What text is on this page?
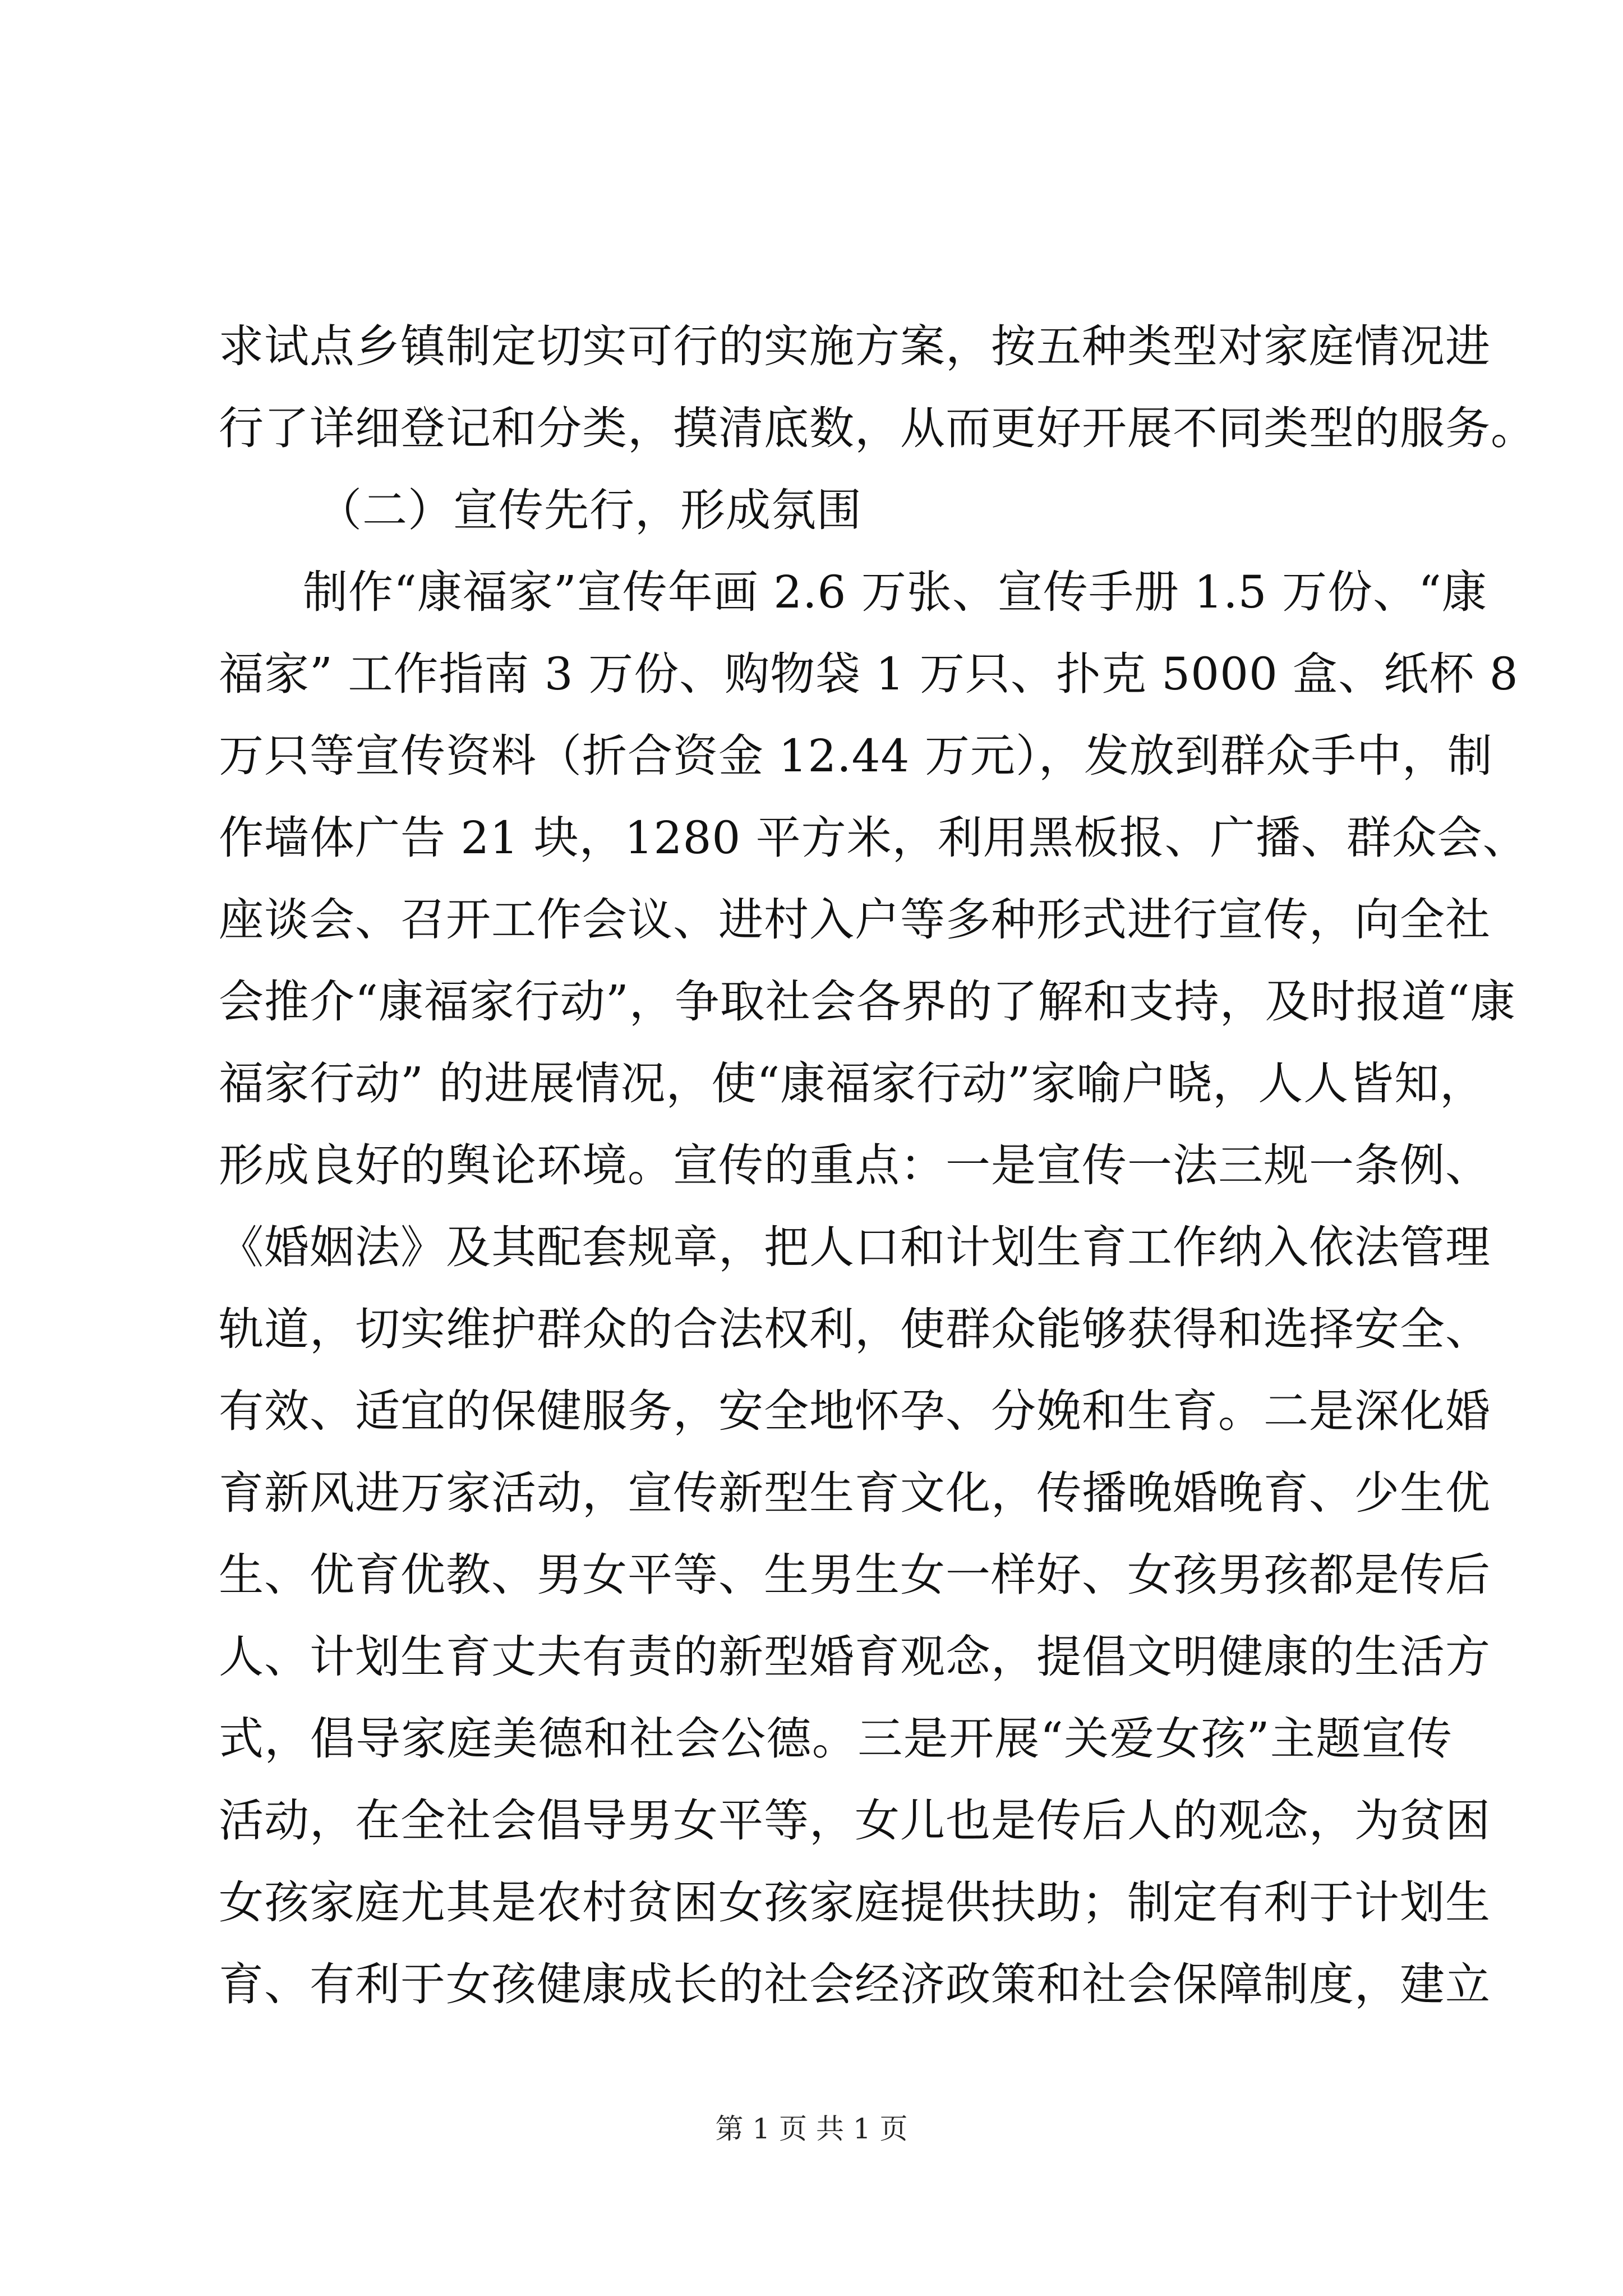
求试点乡镇制定切实可行的实施方案，按五种类型对家庭情况进
行了详细登记和分类，摸清底数，从而更好开展不同类型的服务。
（二）宣传先行，形成氛围
制作“康福家”宣传年画 2.6 万张、宣传手册 1.5 万份、“康
福家” 工作指南 3 万份、购物袋 1 万只、扑克 5000 盒、纸杯 8
万只等宣传资料（折合资金 12.44 万元），发放到群众手中，制
作墙体广告 21 块，1280 平方米，利用黑板报、广播、群众会、
座谈会、召开工作会议、进村入户等多种形式进行宣传，向全社
会推介“康福家行动”，争取社会各界的了解和支持，及时报道“康
福家行动” 的进展情况，使“康福家行动”家喻户晓，人人皆知，
形成良好的舆论环境。宣传的重点：一是宣传一法三规一条例、
《婚姻法》及其配套规章，把人口和计划生育工作纳入依法管理
轨道，切实维护群众的合法权利，使群众能够获得和选择安全、
有效、适宜的保健服务，安全地怀孕、分娩和生育。二是深化婚
育新风进万家活动，宣传新型生育文化，传播晚婚晚育、少生优
生、优育优教、男女平等、生男生女一样好、女孩男孩都是传后
人、计划生育丈夫有责的新型婚育观念，提倡文明健康的生活方
式，倡导家庭美德和社会公德。三是开展“关爱女孩”主题宣传
活动，在全社会倡导男女平等，女儿也是传后人的观念，为贫困
女孩家庭尤其是农村贫困女孩家庭提供扶助；制定有利于计划生
育、有利于女孩健康成长的社会经济政策和社会保障制度，建立
第 1 页 共 1 页
